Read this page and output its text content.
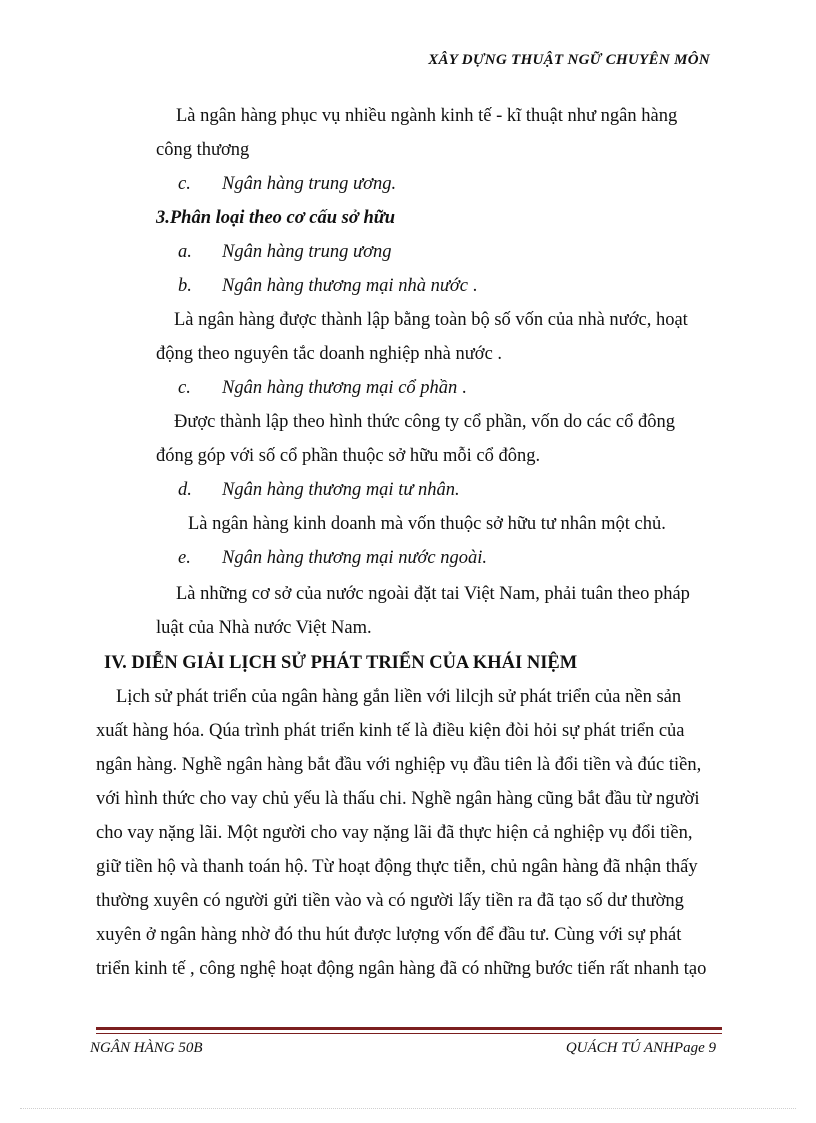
XÂY DỰNG THUẬT NGỮ CHUYÊN MÔN
Là ngân hàng phục vụ nhiều ngành kinh tế - kĩ thuật như ngân hàng
công thương
c. Ngân hàng trung ương.
3.Phân loại theo cơ cấu sở hữu
a. Ngân hàng trung ương
b. Ngân hàng thương mại nhà nước .
Là ngân hàng được thành lập bằng toàn bộ số vốn của nhà nước, hoạt
động theo nguyên tắc doanh nghiệp nhà nước .
c. Ngân hàng thương mại cổ phần .
Được thành lập theo hình thức công ty cổ phần, vốn do các cổ đông
đóng góp với số cổ phần thuộc sở hữu mỗi cổ đông.
d. Ngân hàng thương mại tư nhân.
Là ngân hàng kinh doanh mà vốn thuộc sở hữu tư nhân một chủ.
e. Ngân hàng thương mại nước ngoài.
Là những cơ sở của nước ngoài đặt tai Việt Nam, phải tuân theo pháp
luật của Nhà nước Việt Nam.
IV. DIỄN GIẢI LỊCH SỬ PHÁT TRIỂN CỦA KHÁI NIỆM
Lịch sử phát triển của ngân hàng gắn liền với lilcjh sử phát triển của nền sản
xuất hàng hóa. Qúa trình phát triển kinh tế là điều kiện đòi hỏi sự phát triển của
ngân hàng. Nghề ngân hàng bắt đầu với nghiệp vụ đầu tiên là đổi tiền và đúc tiền,
với hình thức cho vay chủ yếu là thấu chi. Nghề ngân hàng cũng bắt đầu từ người
cho vay nặng lãi. Một người cho vay nặng lãi đã thực hiện cả nghiệp vụ đổi tiền,
giữ tiền hộ và thanh toán hộ. Từ hoạt động thực tiễn, chủ ngân hàng đã nhận thấy
thường xuyên có người gửi tiền vào và có người lấy tiền ra đã tạo số dư thường
xuyên ở ngân hàng nhờ đó thu hút được lượng vốn để đầu tư. Cùng với sự phát
triển kinh tế , công nghệ hoạt động ngân hàng đã có những bước tiến rất nhanh tạo
NGÂN HÀNG 50B	QUÁCH TÚ ANHPage 9
